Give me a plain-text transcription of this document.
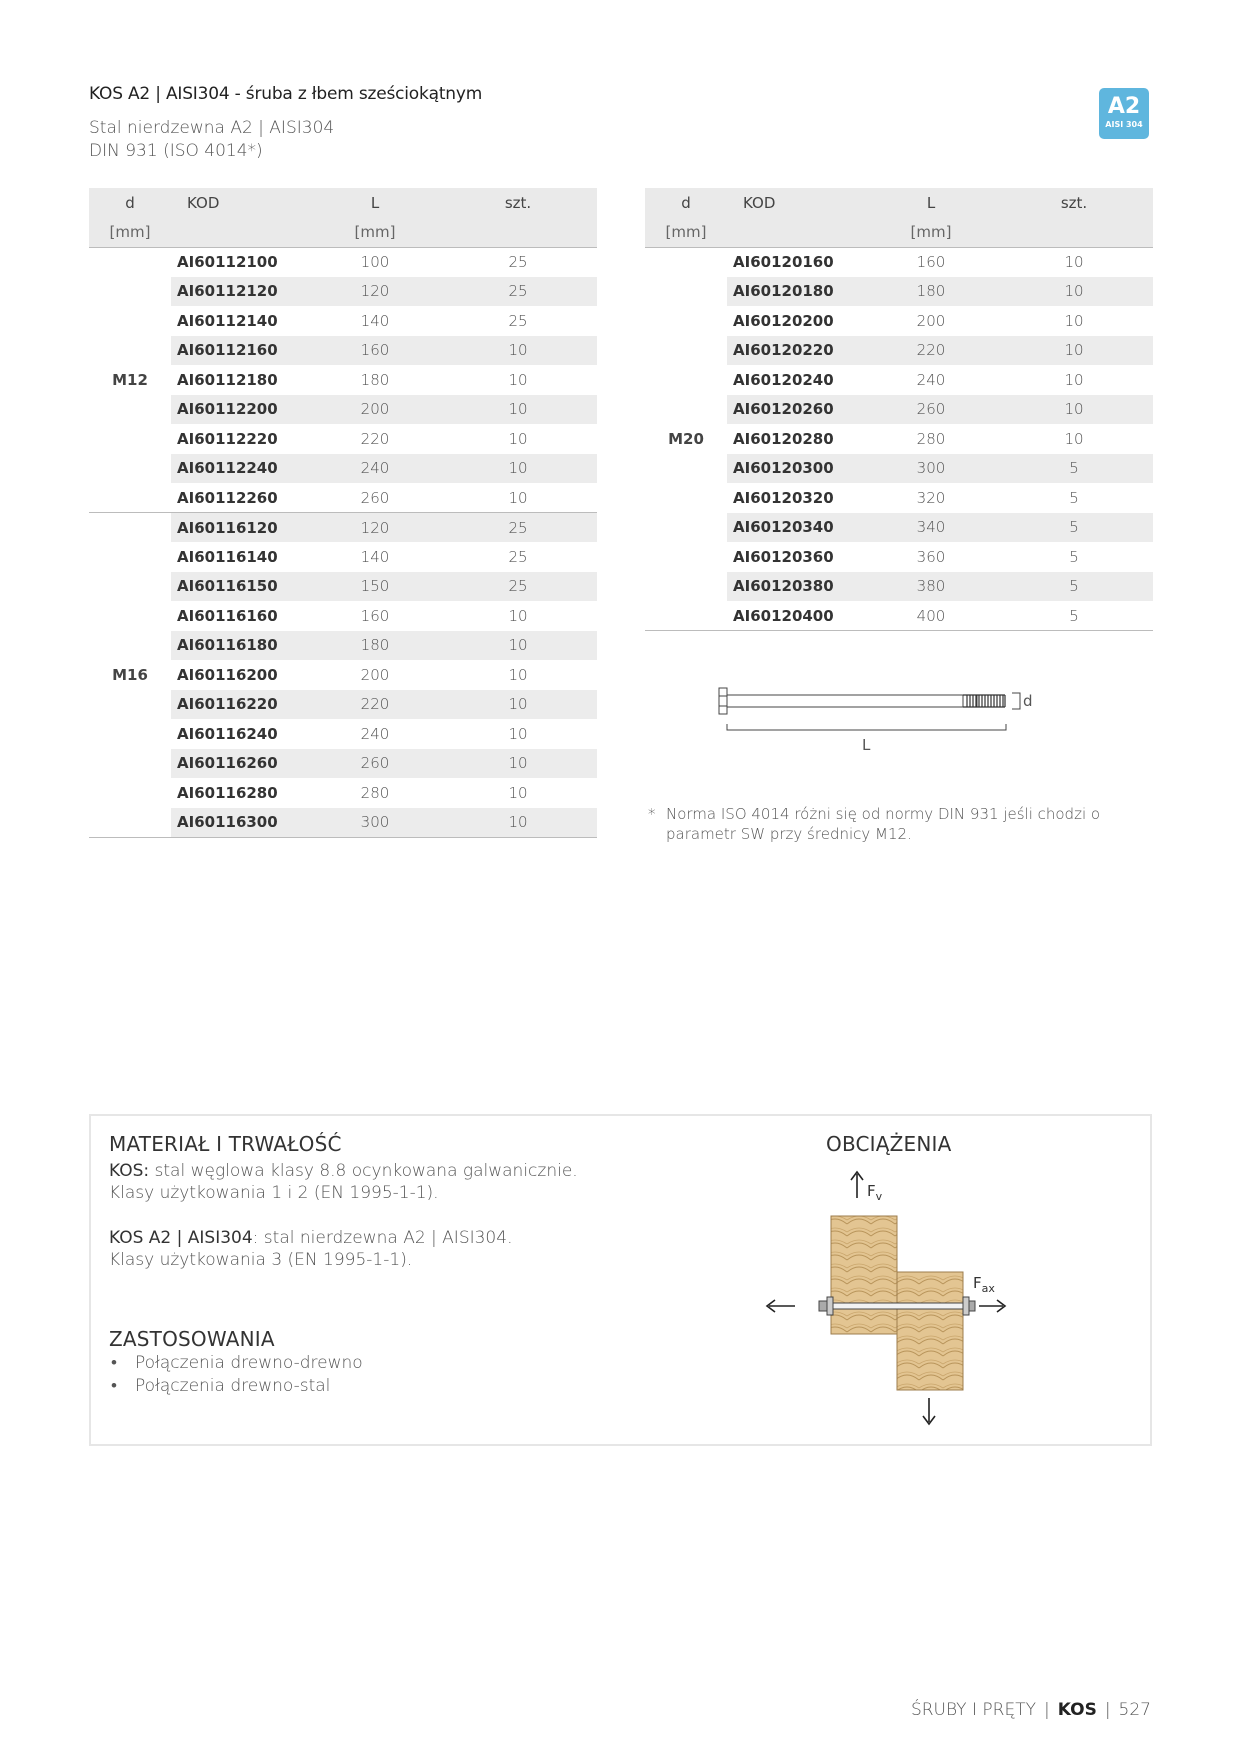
KOS A2 | AISI304 - śruba z łbem sześciokątnym
Stal nierdzewna A2 | AISI304
DIN 931 (ISO 4014*)
A2
AISI 304
d	KOD	L	szt.
[mm]		[mm]	
M12	AI60112100	100	25
	AI60112120	120	25
	AI60112140	140	25
	AI60112160	160	10
	AI60112180	180	10
	AI60112200	200	10
	AI60112220	220	10
	AI60112240	240	10
	AI60112260	260	10
M16	AI60116120	120	25
	AI60116140	140	25
	AI60116150	150	25
	AI60116160	160	10
	AI60116180	180	10
	AI60116200	200	10
	AI60116220	220	10
	AI60116240	240	10
	AI60116260	260	10
	AI60116280	280	10
	AI60116300	300	10
d	KOD	L	szt.
[mm]		[mm]	
M20	AI60120160	160	10
	AI60120180	180	10
	AI60120200	200	10
	AI60120220	220	10
	AI60120240	240	10
	AI60120260	260	10
	AI60120280	280	10
	AI60120300	300	5
	AI60120320	320	5
	AI60120340	340	5
	AI60120360	360	5
	AI60120380	380	5
	AI60120400	400	5
d
L
* Norma ISO 4014 różni się od normy DIN 931 jeśli chodzi o parametr SW przy średnicy M12.
MATERIAŁ I TRWAŁOŚĆ
KOS: stal węglowa klasy 8.8 ocynkowana galwanicznie.
Klasy użytkowania 1 i 2 (EN 1995-1-1).
KOS A2 | AISI304: stal nierdzewna A2 | AISI304.
Klasy użytkowania 3 (EN 1995-1-1).
ZASTOSOWANIA
• Połączenia drewno-drewno
• Połączenia drewno-stal
OBCIĄŻENIA
$F_v$
$F_{ax}$
ŚRUBY I PRĘTY | KOS | 527
